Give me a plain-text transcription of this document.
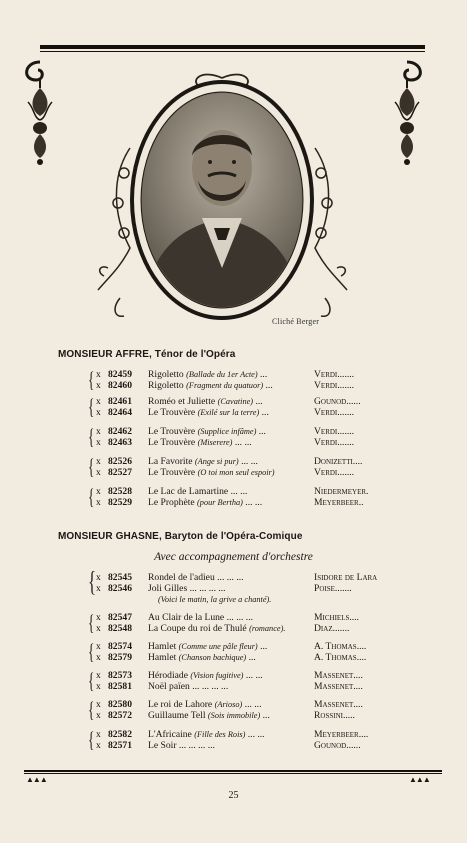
Cliché Berger
MONSIEUR AFFRE, Ténor de l'Opéra
{ x 82459 Rigoletto (Ballade du 1er Acte) ...	Verdi.......
x 82460 Rigoletto (Fragment du quatuor) ...	Verdi.......
{ x 82461 Roméo et Juliette (Cavatine) ...	Gounod......
x 82464 Le Trouvère (Exilé sur la terre) ...	Verdi.......
{ x 82462 Le Trouvère (Supplice infâme) ...	Verdi.......
x 82463 Le Trouvère (Miserere) ... ...	Verdi.......
{ x 82526 La Favorite (Ange si pur) ... ...	Donizetti....
x 82527 Le Trouvère (O toi mon seul espoir)	Verdi.......
{ x 82528 Le Lac de Lamartine ... ...	Niedermeyer.
x 82529 Le Prophète (pour Bertha) ... ...	Meyerbeer..
MONSIEUR GHASNE, Baryton de l'Opéra-Comique
Avec accompagnement d'orchestre
{ x 82545 Rondel de l'adieu ... ... ...	Isidore de Lara
x 82546 Joli Gilles ... ... ... ...	Poise.......
(Voici le matin, la grive a chanté).
{ x 82547 Au Clair de la Lune ... ... ...	Michiels....
x 82548 La Coupe du roi de Thulé (romance).	Diaz.......
{ x 82574 Hamlet (Comme une pâle fleur) ...	A. Thomas....
x 82579 Hamlet (Chanson bachique) ...	A. Thomas....
{ x 82573 Hérodiade (Vision fugitive) ... ...	Massenet....
x 82581 Noël païen ... ... ... ...	Massenet....
{ x 82580 Le roi de Lahore (Arioso) ... ...	Massenet....
x 82572 Guillaume Tell (Sois immobile) ...	Rossini.....
{ x 82582 L'Africaine (Fille des Rois) ... ...	Meyerbeer....
x 82571 Le Soir ... ... ... ...	Gounod......
▲▲▲	▲▲▲
25
